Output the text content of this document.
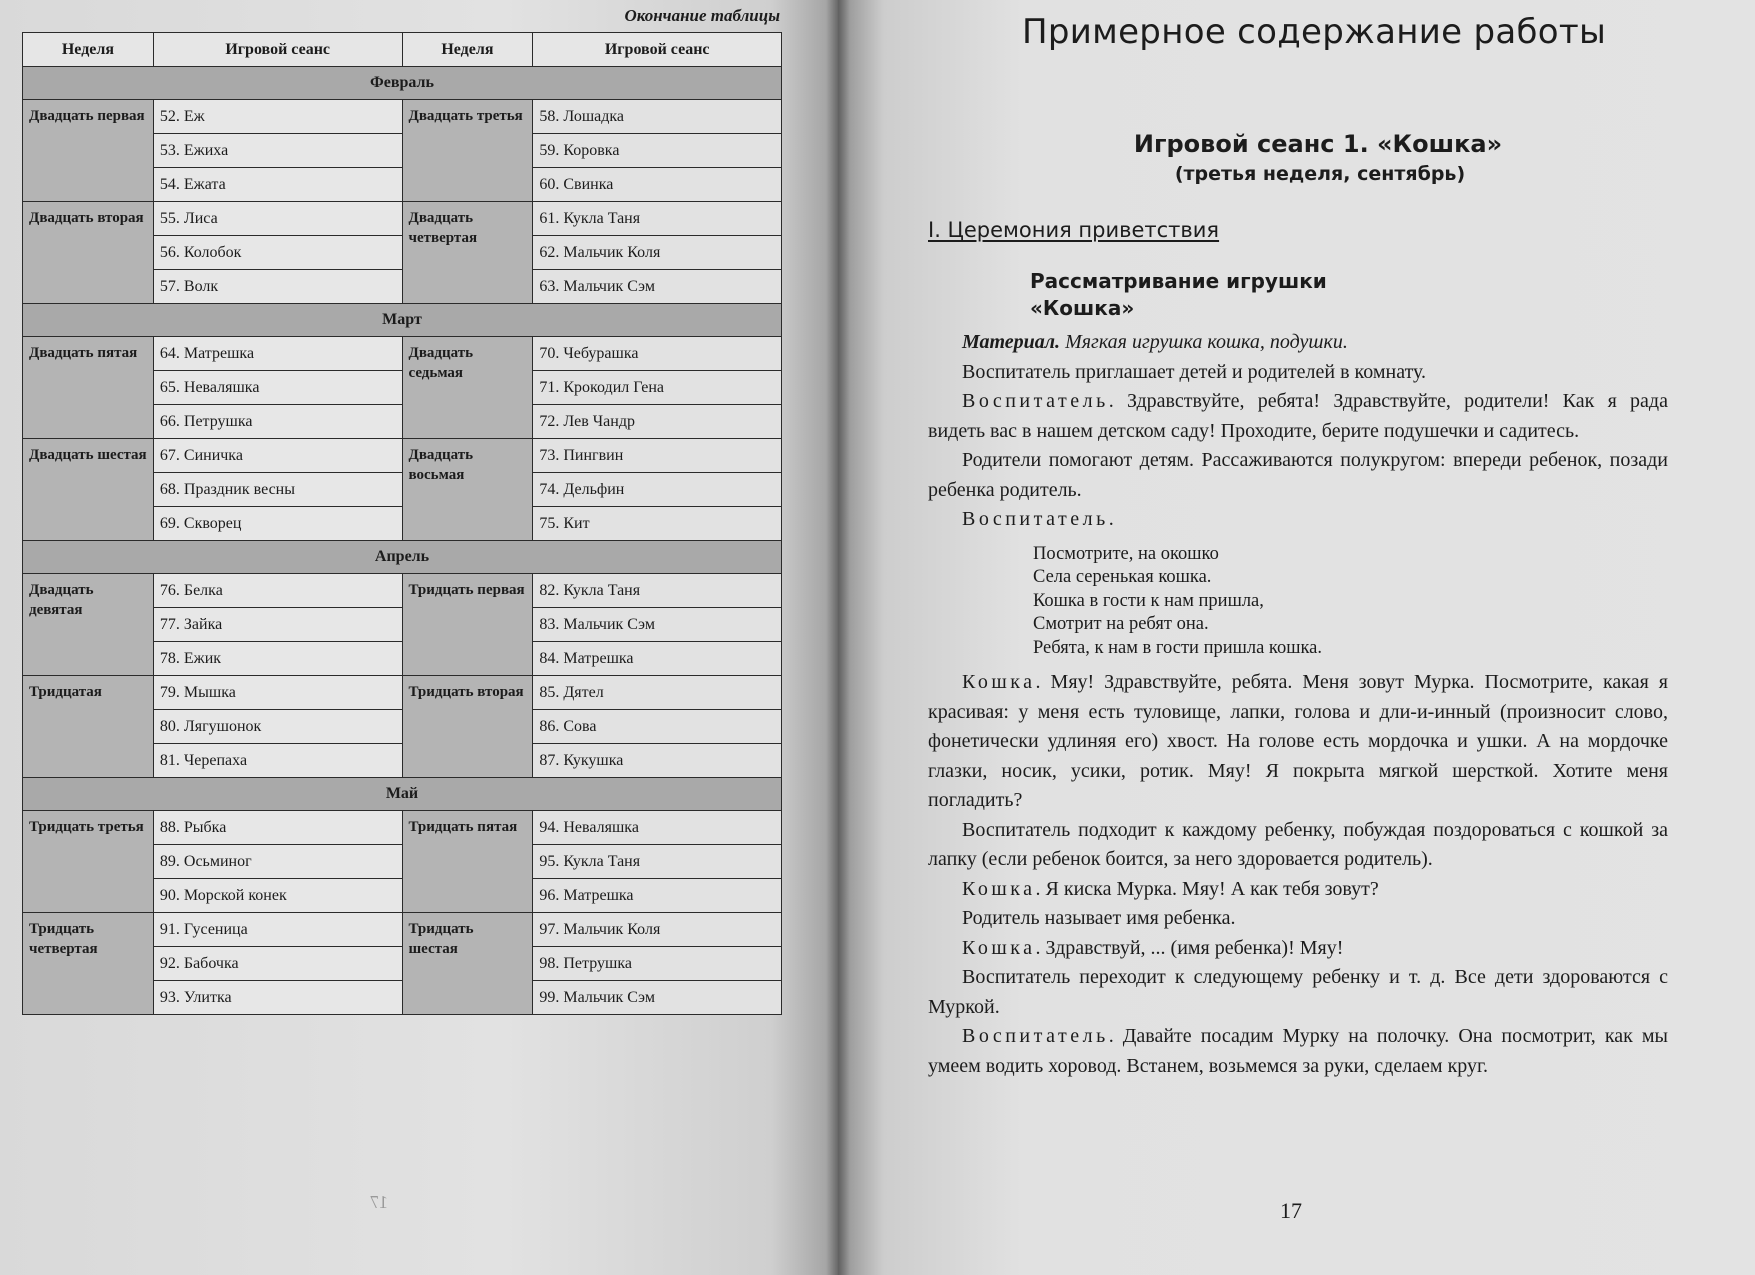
Окончание таблицы
Неделя	Игровой сеанс	Неделя	Игровой сеанс
Февраль			
Двадцать первая	52. Еж	Двадцать третья	58. Лошадка
	53. Ежиха		59. Коровка
	54. Ежата		60. Свинка
Двадцать вторая	55. Лиса	Двадцать четвертая	61. Кукла Таня
	56. Колобок		62. Мальчик Коля
	57. Волк		63. Мальчик Сэм
Март			
Двадцать пятая	64. Матрешка	Двадцать седьмая	70. Чебурашка
	65. Неваляшка		71. Крокодил Гена
	66. Петрушка		72. Лев Чандр
Двадцать шестая	67. Синичка	Двадцать восьмая	73. Пингвин
	68. Праздник весны		74. Дельфин
	69. Скворец		75. Кит
Апрель			
Двадцать девятая	76. Белка	Тридцать первая	82. Кукла Таня
	77. Зайка		83. Мальчик Сэм
	78. Ежик		84. Матрешка
Тридцатая	79. Мышка	Тридцать вторая	85. Дятел
	80. Лягушонок		86. Сова
	81. Черепаха		87. Кукушка
Май			
Тридцать третья	88. Рыбка	Тридцать пятая	94. Неваляшка
	89. Осьминог		95. Кукла Таня
	90. Морской конек		96. Матрешка
Тридцать четвертая	91. Гусеница	Тридцать шестая	97. Мальчик Коля
	92. Бабочка		98. Петрушка
	93. Улитка		99. Мальчик Сэм
17
Примерное содержание работы
Игровой сеанс 1. «Кошка»
(третья неделя, сентябрь)
I. Церемония приветствия
Рассматривание игрушки
«Кошка»

Материал. Мягкая игрушка кошка, подушки.

Воспитатель приглашает детей и родителей в комнату.

Воспитатель. Здравствуйте, ребята! Здравствуйте, родители! Как я рада видеть вас в нашем детском саду! Проходите, берите подушечки и садитесь.

Родители помогают детям. Рассаживаются полукругом: впереди ребенок, позади ребенка родитель.

Воспитатель.

Посмотрите, на окошко
Села серенькая кошка.
Кошка в гости к нам пришла,
Смотрит на ребят она.
Ребята, к нам в гости пришла кошка.

Кошка. Мяу! Здравствуйте, ребята. Меня зовут Мурка. Посмотрите, какая я красивая: у меня есть туловище, лапки, голова и дли-и-инный (произносит слово, фонетически удлиняя его) хвост. На голове есть мордочка и ушки. А на мордочке глазки, носик, усики, ротик. Мяу! Я покрыта мягкой шерсткой. Хотите меня погладить?

Воспитатель подходит к каждому ребенку, побуждая поздороваться с кошкой за лапку (если ребенок боится, за него здоровается родитель).

Кошка. Я киска Мурка. Мяу! А как тебя зовут?

Родитель называет имя ребенка.

Кошка. Здравствуй, ... (имя ребенка)! Мяу!

Воспитатель переходит к следующему ребенку и т. д. Все дети здороваются с Муркой.

Воспитатель. Давайте посадим Мурку на полочку. Она посмотрит, как мы умеем водить хоровод. Встанем, возьмемся за руки, сделаем круг.

17
